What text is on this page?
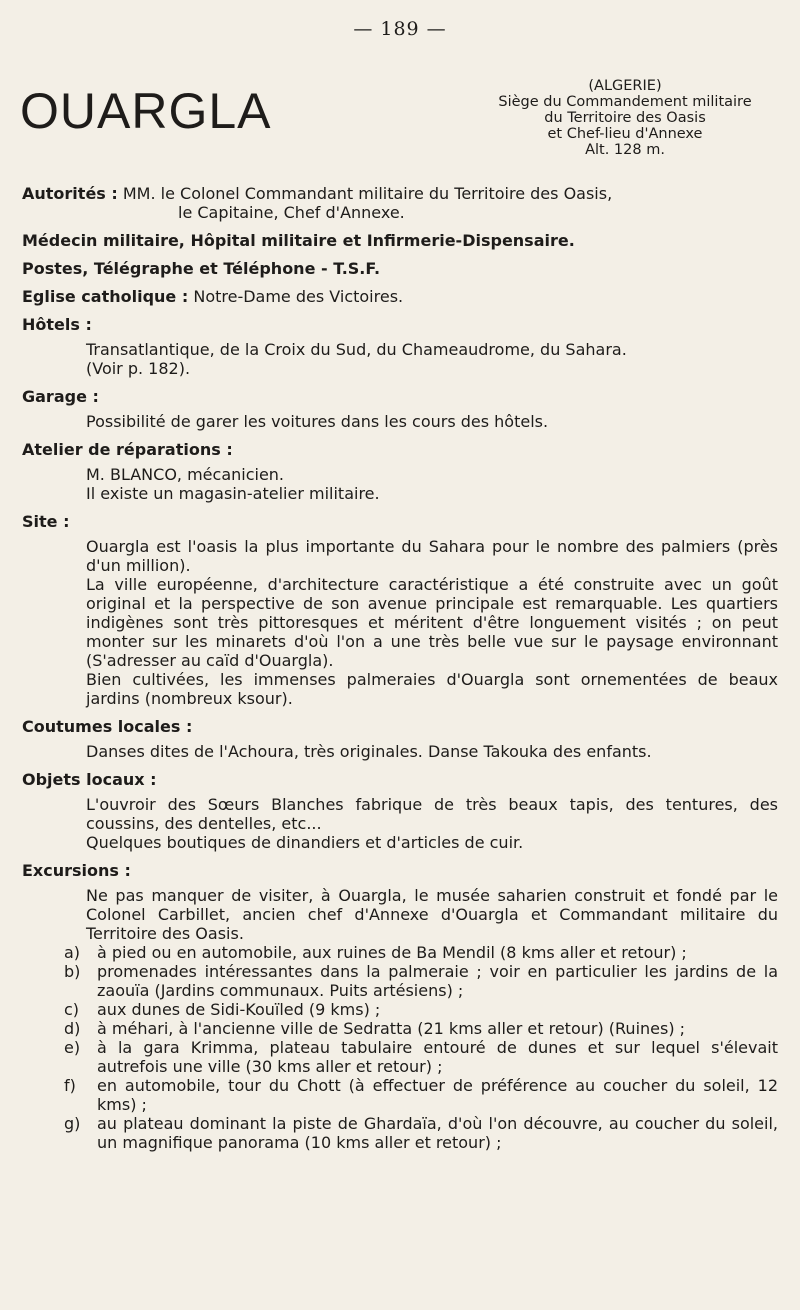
— 189 —
OUARGLA	(ALGERIE)
Siège du Commandement militaire
du Territoire des Oasis
et Chef-lieu d'Annexe
Alt. 128 m.
Autorités : MM. le Colonel Commandant militaire du Territoire des Oasis,
le Capitaine, Chef d'Annexe.
Médecin militaire, Hôpital militaire et Infirmerie-Dispensaire.
Postes, Télégraphe et Téléphone - T.S.F.
Eglise catholique : Notre-Dame des Victoires.
Hôtels :
Transatlantique, de la Croix du Sud, du Chameaudrome, du Sahara.
(Voir p. 182).
Garage :
Possibilité de garer les voitures dans les cours des hôtels.
Atelier de réparations :
M. BLANCO, mécanicien.
Il existe un magasin-atelier militaire.
Site :

Ouargla est l'oasis la plus importante du Sahara pour le nombre des palmiers (près d'un million).

La ville européenne, d'architecture caractéristique a été construite avec un goût original et la perspective de son avenue principale est remarquable. Les quartiers indigènes sont très pittoresques et méritent d'être longuement visités ; on peut monter sur les minarets d'où l'on a une très belle vue sur le paysage environnant (S'adresser au caïd d'Ouargla).

Bien cultivées, les immenses palmeraies d'Ouargla sont ornementées de beaux jardins (nombreux ksour).

Coutumes locales :
Danses dites de l'Achoura, très originales. Danse Takouka des enfants.
Objets locaux :

L'ouvroir des Sœurs Blanches fabrique de très beaux tapis, des tentures, des coussins, des dentelles, etc...

Quelques boutiques de dinandiers et d'articles de cuir.

Excursions :

Ne pas manquer de visiter, à Ouargla, le musée saharien construit et fondé par le Colonel Carbillet, ancien chef d'Annexe d'Ouargla et Commandant militaire du Territoire des Oasis.

a)	à pied ou en automobile, aux ruines de Ba Mendil (8 kms aller et retour) ;
b)	promenades intéressantes dans la palmeraie ; voir en particulier les jardins de la zaouïa (Jardins communaux. Puits artésiens) ;
c)	aux dunes de Sidi-Kouïled (9 kms) ;
d)	à méhari, à l'ancienne ville de Sedratta (21 kms aller et retour) (Ruines) ;
e)	à la gara Krimma, plateau tabulaire entouré de dunes et sur lequel s'élevait autrefois une ville (30 kms aller et retour) ;
f)	en automobile, tour du Chott (à effectuer de préférence au coucher du soleil, 12 kms) ;
g)	au plateau dominant la piste de Ghardaïa, d'où l'on découvre, au coucher du soleil, un magnifique panorama (10 kms aller et retour) ;
